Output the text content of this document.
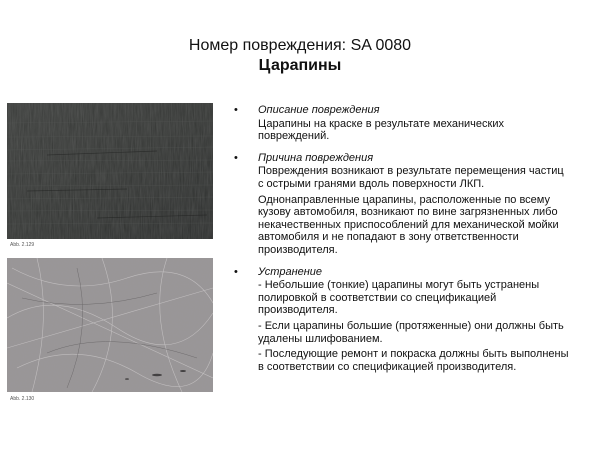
Номер повреждения: SA 0080
Царапины
Abb. 2.129
Abb. 2.130
• Описание повреждения

Царапины на краске в результате механических повреждений.

• Причина повреждения

Повреждения возникают в результате перемещения частиц с острыми гранями вдоль поверхности ЛКП.

Однонаправленные царапины, расположенные по всему кузову автомобиля, возникают по вине загрязненных либо некачественных приспособлений для механической мойки автомобиля и не попадают в зону ответственности производителя.

• Устранение

- Небольшие (тонкие) царапины могут быть устранены полировкой в соответствии со спецификацией производителя.

- Если царапины большие (протяженные) они должны быть удалены шлифованием.

- Последующие ремонт и покраска должны быть выполнены в соответствии со спецификацией производителя.
